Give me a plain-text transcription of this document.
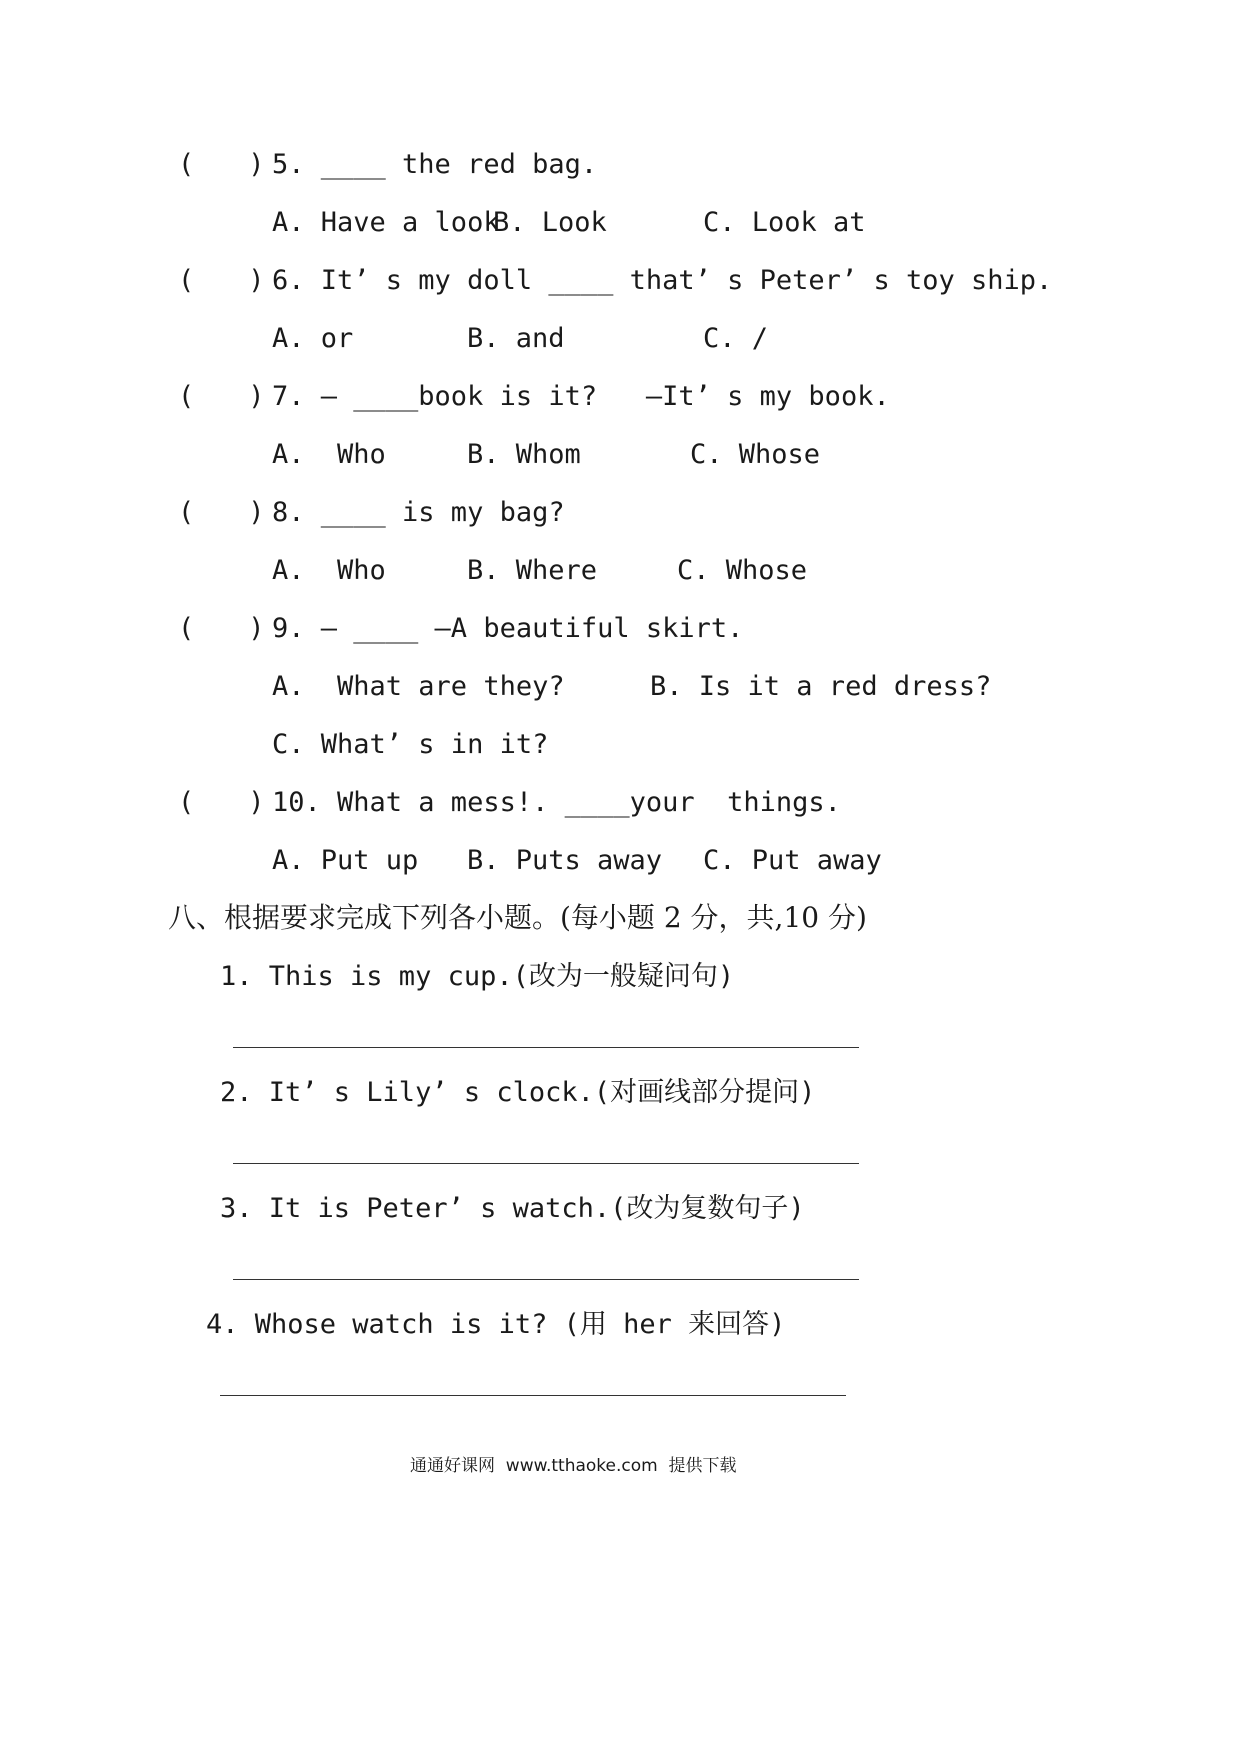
(　　) 5. ____ the red bag.
A. Have a look
B. Look	C. Look at
(　　) 6. It’ s my doll ____ that’ s Peter’ s toy ship.
A. or	B. and	C. /
(　　) 7. — ____book is it?   —It’ s my book.
A.  Who	B. Whom	C. Whose
(　　) 8. ____ is my bag?
A.  Who	B. Where	C. Whose
(　　) 9. — ____ —A beautiful skirt.
A.  What are they?	B. Is it a red dress?
C. What’ s in it?
(　　) 10. What a mess!. ____your  things.
A. Put up B. Puts away C. Put away
八、根据要求完成下列各小题。(每小题 2 分，共,10 分)
1. This is my cup.(改为一般疑问句)
2. It’ s Lily’ s clock.(对画线部分提问)
3. It is Peter’ s watch.(改为复数句子)
4. Whose watch is it? (用 her 来回答)
通通好课网  www.tthaoke.com  提供下载
